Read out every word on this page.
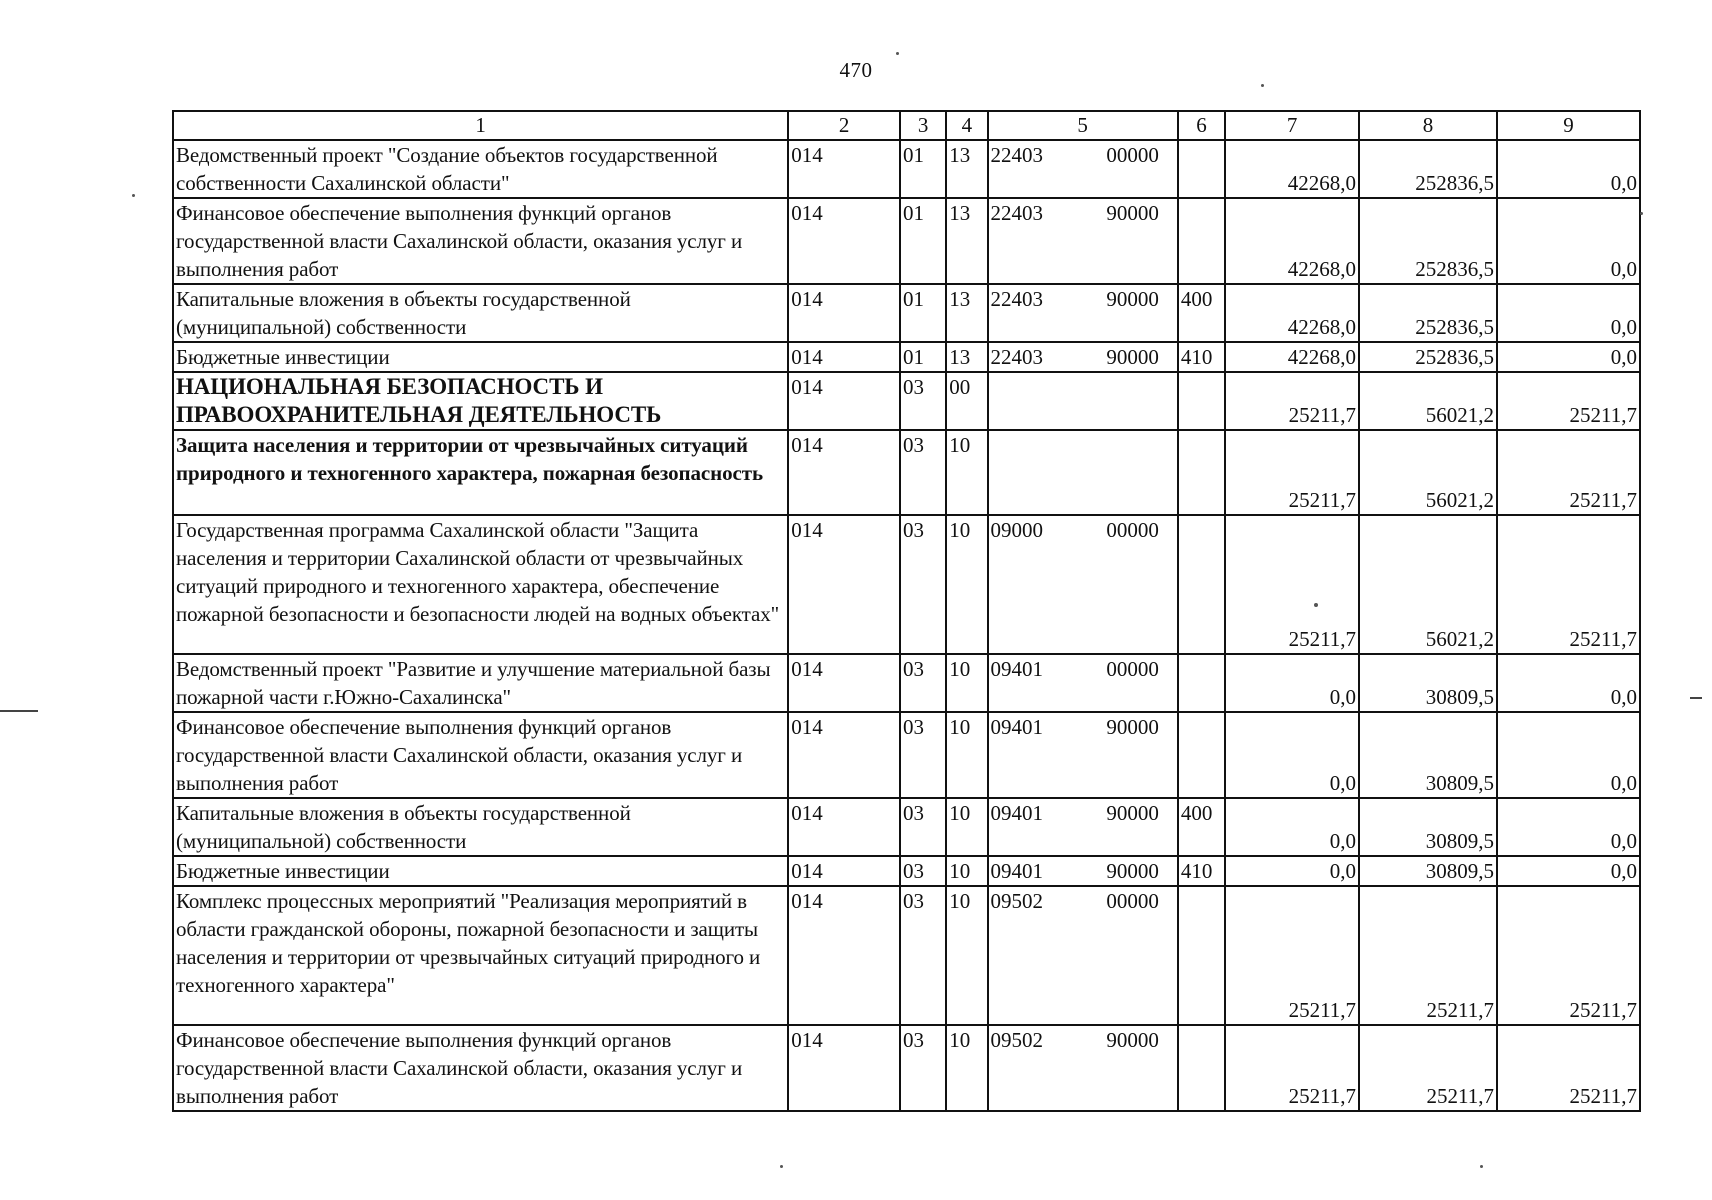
470
1	2	3	4	5	6	7	8	9
Ведомственный проект "Создание объектов государственной собственности Сахалинской области"	014	01	13	22403 00000		42268,0	252836,5	0,0
Финансовое обеспечение выполнения функций органов государственной власти Сахалинской области, оказания услуг и выполнения работ	014	01	13	22403 90000		42268,0	252836,5	0,0
Капитальные вложения в объекты государственной (муниципальной) собственности	014	01	13	22403 90000	400	42268,0	252836,5	0,0
Бюджетные инвестиции	014	01	13	22403 90000	410	42268,0	252836,5	0,0
НАЦИОНАЛЬНАЯ БЕЗОПАСНОСТЬ И ПРАВООХРАНИТЕЛЬНАЯ ДЕЯТЕЛЬНОСТЬ	014	03	00			25211,7	56021,2	25211,7
Защита населения и территории от чрезвычайных ситуаций природного и техногенного характера, пожарная безопасность	014	03	10			25211,7	56021,2	25211,7
Государственная программа Сахалинской области "Защита населения и территории Сахалинской области от чрезвычайных ситуаций природного и техногенного характера, обеспечение пожарной безопасности и безопасности людей на водных объектах"	014	03	10	09000 00000		25211,7	56021,2	25211,7
Ведомственный проект "Развитие и улучшение материальной базы пожарной части г.Южно-Сахалинска"	014	03	10	09401 00000		0,0	30809,5	0,0
Финансовое обеспечение выполнения функций органов государственной власти Сахалинской области, оказания услуг и выполнения работ	014	03	10	09401 90000		0,0	30809,5	0,0
Капитальные вложения в объекты государственной (муниципальной) собственности	014	03	10	09401 90000	400	0,0	30809,5	0,0
Бюджетные инвестиции	014	03	10	09401 90000	410	0,0	30809,5	0,0
Комплекс процессных мероприятий "Реализация мероприятий в области гражданской обороны, пожарной безопасности и защиты населения и территории от чрезвычайных ситуаций природного и техногенного характера"	014	03	10	09502 00000		25211,7	25211,7	25211,7
Финансовое обеспечение выполнения функций органов государственной власти Сахалинской области, оказания услуг и выполнения работ	014	03	10	09502 90000		25211,7	25211,7	25211,7
